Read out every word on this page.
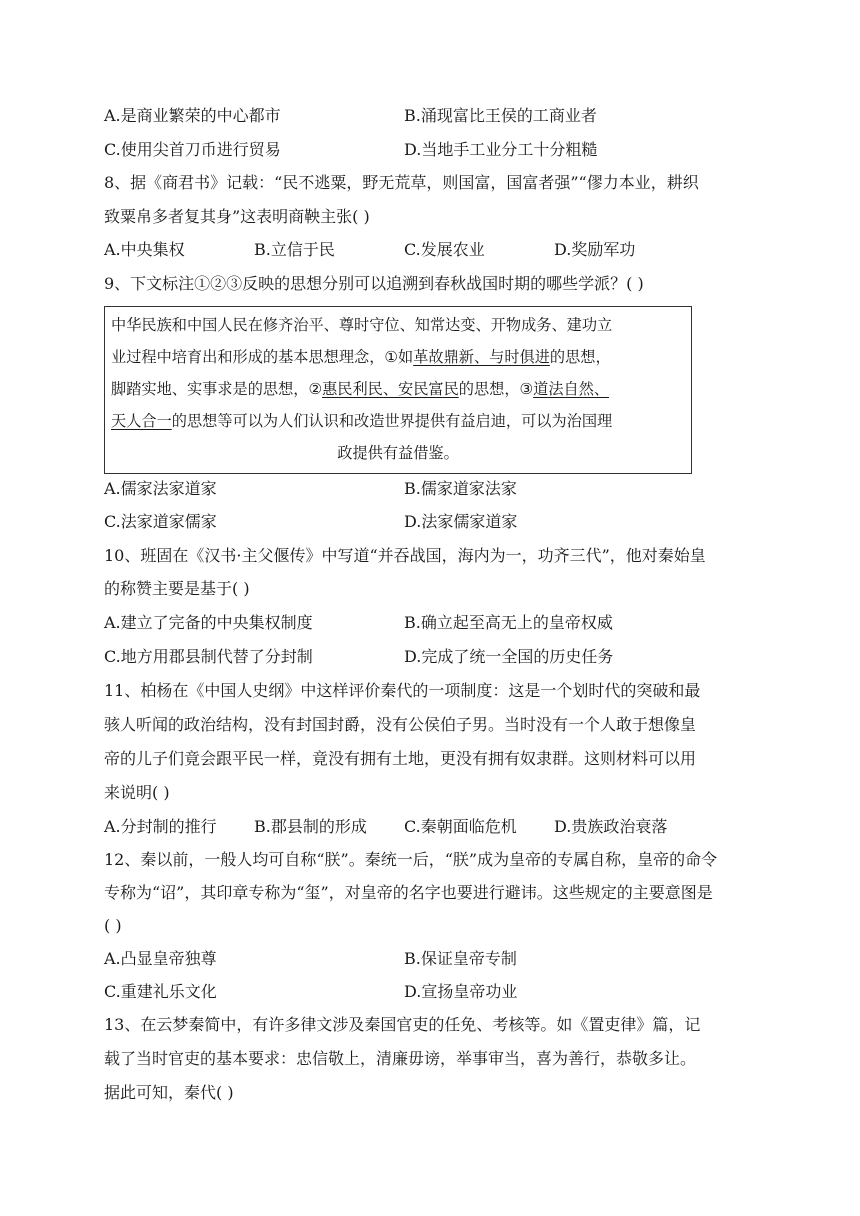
A.是商业繁荣的中心都市	B.涌现富比王侯的工商业者
C.使用尖首刀币进行贸易	D.当地手工业分工十分粗糙
8、据《商君书》记载：“民不逃粟，野无荒草，则国富，国富者强”“僇力本业，耕织
致粟帛多者复其身”这表明商鞅主张( )
A.中央集权	B.立信于民	C.发展农业	D.奖励军功
9、下文标注①②③反映的思想分别可以追溯到春秋战国时期的哪些学派？( )
中华民族和中国人民在修齐治平、尊时守位、知常达变、开物成务、建功立
业过程中培育出和形成的基本思想理念，①如革故鼎新、与时俱进的思想，
脚踏实地、实事求是的思想，②惠民利民、安民富民的思想，③道法自然、
天人合一的思想等可以为人们认识和改造世界提供有益启迪，可以为治国理
政提供有益借鉴。
A.儒家法家道家	B.儒家道家法家
C.法家道家儒家	D.法家儒家道家
10、班固在《汉书·主父偃传》中写道“并吞战国，海内为一，功齐三代”，他对秦始皇
的称赞主要是基于( )
A.建立了完备的中央集权制度	B.确立起至高无上的皇帝权威
C.地方用郡县制代替了分封制	D.完成了统一全国的历史任务
11、柏杨在《中国人史纲》中这样评价秦代的一项制度：这是一个划时代的突破和最
骇人听闻的政治结构，没有封国封爵，没有公侯伯子男。当时没有一个人敢于想像皇
帝的儿子们竟会跟平民一样，竟没有拥有土地，更没有拥有奴隶群。这则材料可以用
来说明( )
A.分封制的推行 B.郡县制的形成 C.秦朝面临危机 D.贵族政治衰落
12、秦以前，一般人均可自称“朕”。秦统一后，“朕”成为皇帝的专属自称，皇帝的命令
专称为“诏”，其印章专称为“玺”，对皇帝的名字也要进行避讳。这些规定的主要意图是
( )
A.凸显皇帝独尊	B.保证皇帝专制
C.重建礼乐文化	D.宣扬皇帝功业
13、在云梦秦简中，有许多律文涉及秦国官吏的任免、考核等。如《置吏律》篇，记
载了当时官吏的基本要求：忠信敬上，清廉毋谤，举事审当，喜为善行，恭敬多让。
据此可知，秦代( )
